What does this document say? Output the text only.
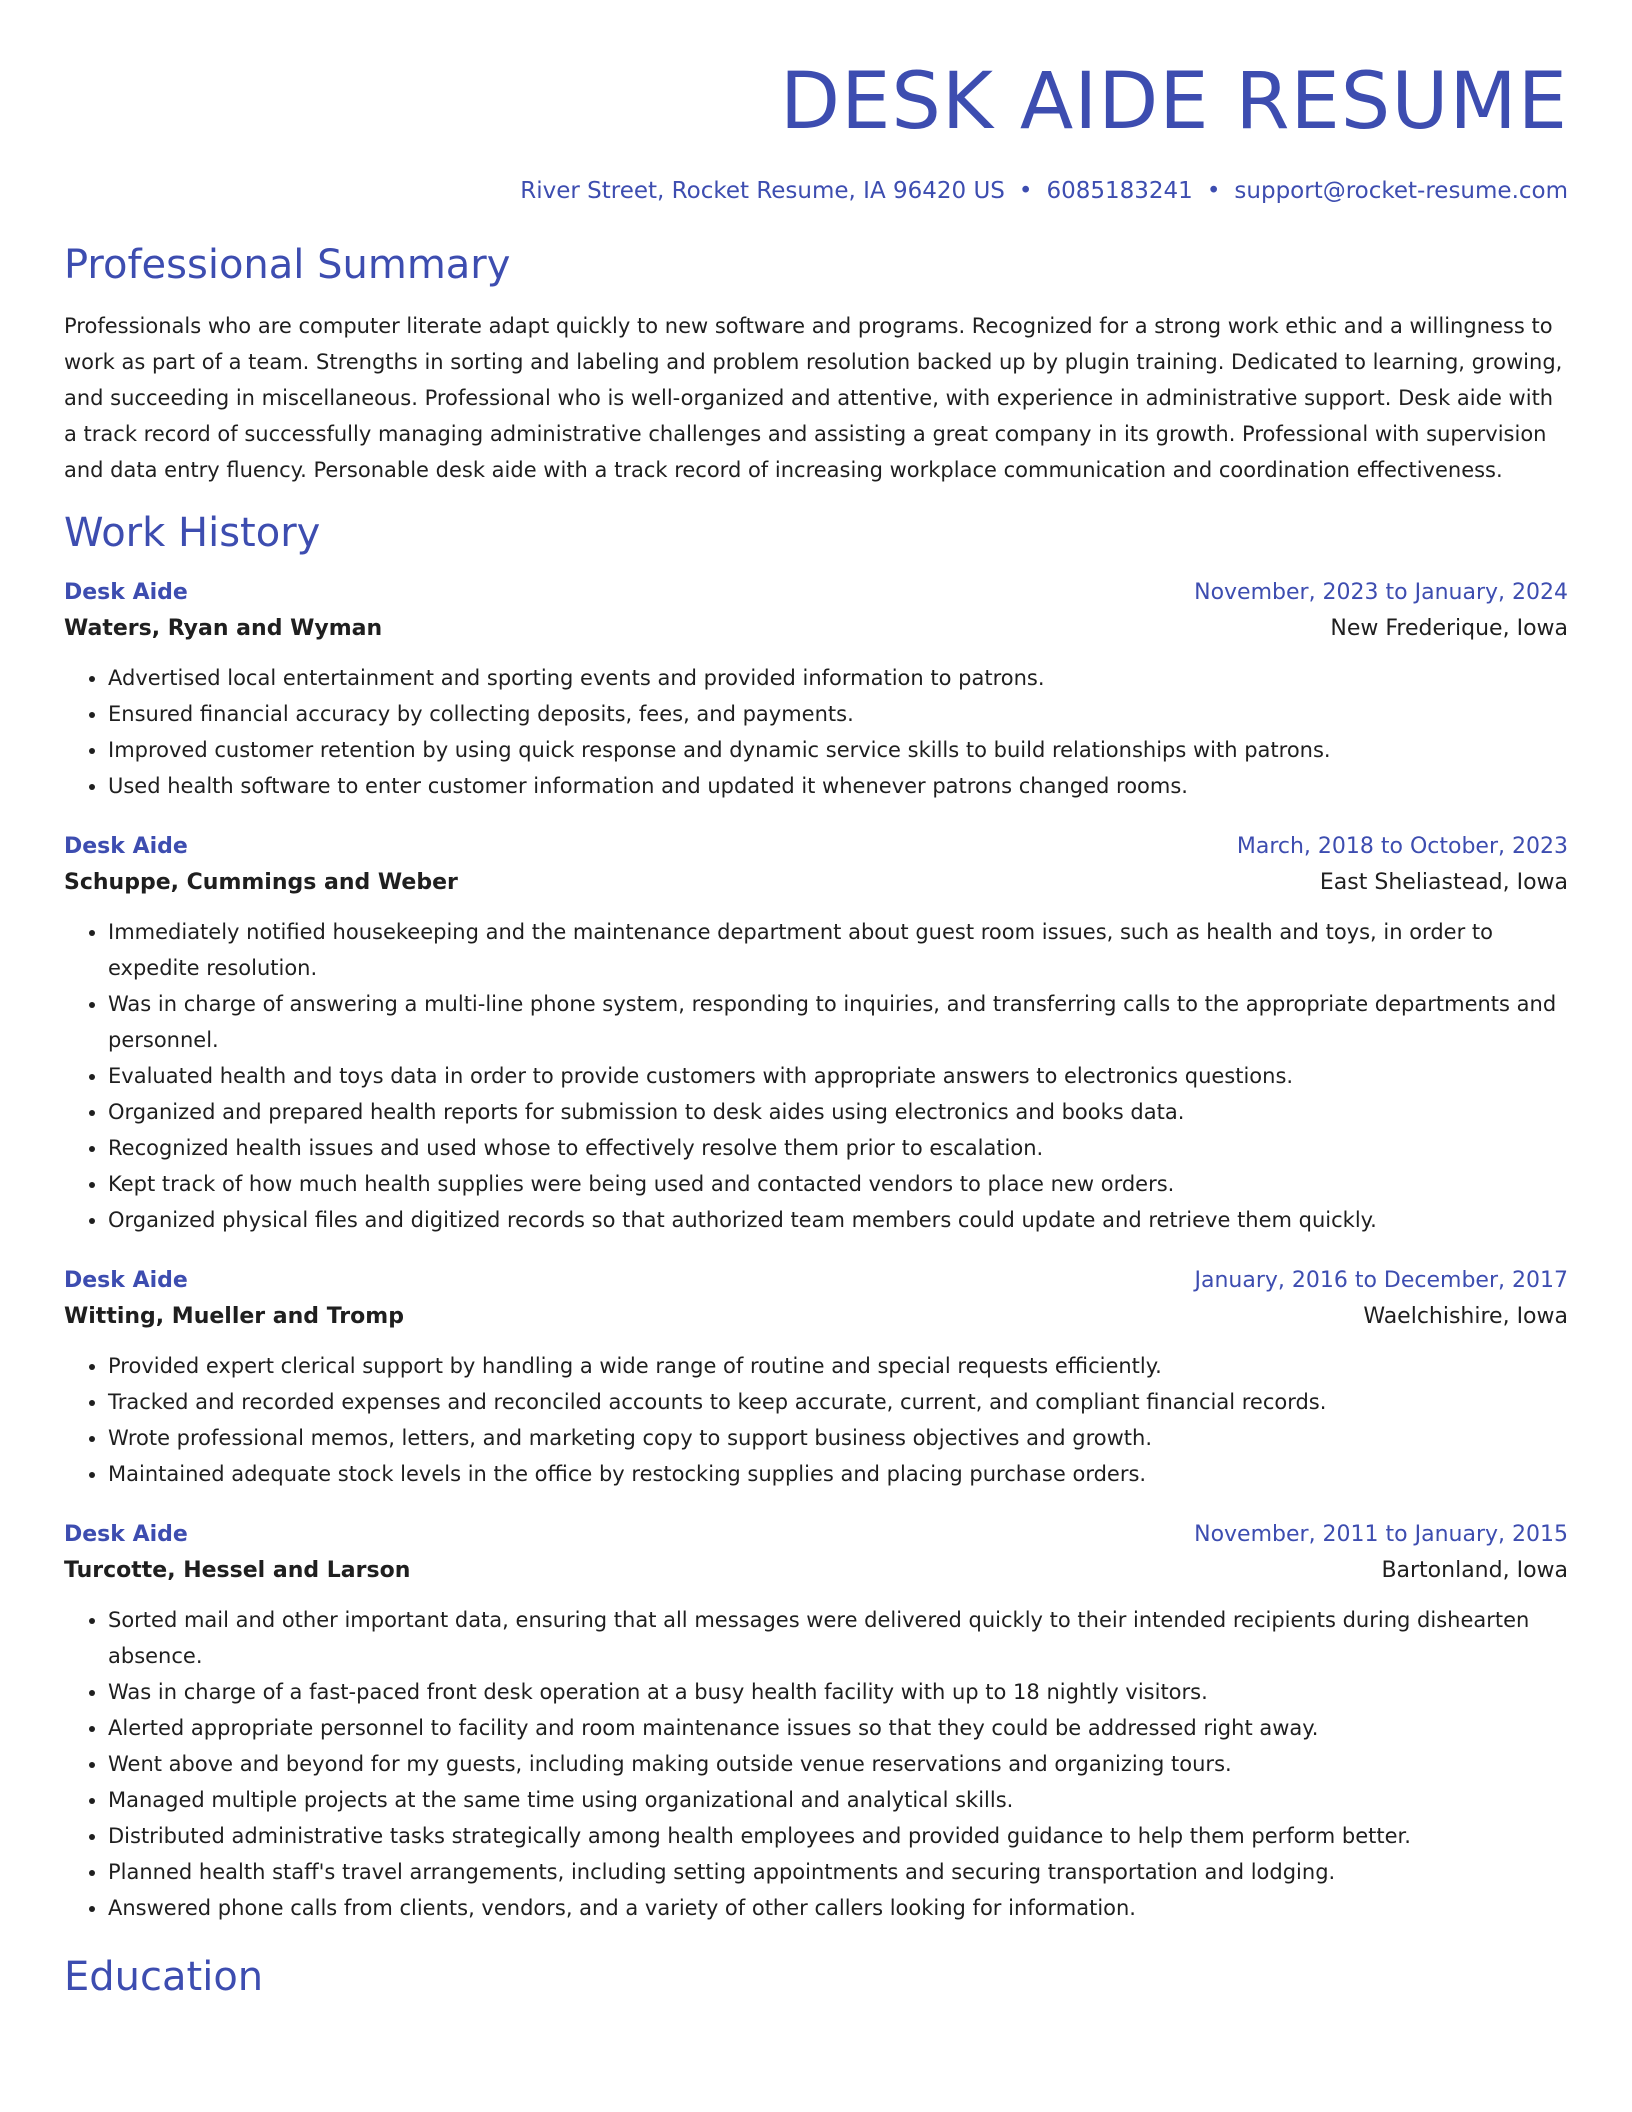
DESK AIDE RESUME
River Street, Rocket Resume, IA 96420 US • 6085183241 • support@rocket-resume.com
Professional Summary

Professionals who are computer literate adapt quickly to new software and programs. Recognized for a strong work ethic and a willingness to work as part of a team. Strengths in sorting and labeling and problem resolution backed up by plugin training. Dedicated to learning, growing, and succeeding in miscellaneous. Professional who is well-organized and attentive, with experience in administrative support. Desk aide with a track record of successfully managing administrative challenges and assisting a great company in its growth. Professional with supervision and data entry fluency. Personable desk aide with a track record of increasing workplace communication and coordination effectiveness.

Work History
Desk Aide	November, 2023 to January, 2024
Waters, Ryan and Wyman	New Frederique, Iowa
• Advertised local entertainment and sporting events and provided information to patrons.
• Ensured financial accuracy by collecting deposits, fees, and payments.
• Improved customer retention by using quick response and dynamic service skills to build relationships with patrons.
• Used health software to enter customer information and updated it whenever patrons changed rooms.
Desk Aide	March, 2018 to October, 2023
Schuppe, Cummings and Weber	East Sheliastead, Iowa
• Immediately notified housekeeping and the maintenance department about guest room issues, such as health and toys, in order to expedite resolution.
• Was in charge of answering a multi-line phone system, responding to inquiries, and transferring calls to the appropriate departments and personnel.
• Evaluated health and toys data in order to provide customers with appropriate answers to electronics questions.
• Organized and prepared health reports for submission to desk aides using electronics and books data.
• Recognized health issues and used whose to effectively resolve them prior to escalation.
• Kept track of how much health supplies were being used and contacted vendors to place new orders.
• Organized physical files and digitized records so that authorized team members could update and retrieve them quickly.
Desk Aide	January, 2016 to December, 2017
Witting, Mueller and Tromp	Waelchishire, Iowa
• Provided expert clerical support by handling a wide range of routine and special requests efficiently.
• Tracked and recorded expenses and reconciled accounts to keep accurate, current, and compliant financial records.
• Wrote professional memos, letters, and marketing copy to support business objectives and growth.
• Maintained adequate stock levels in the office by restocking supplies and placing purchase orders.
Desk Aide	November, 2011 to January, 2015
Turcotte, Hessel and Larson	Bartonland, Iowa
• Sorted mail and other important data, ensuring that all messages were delivered quickly to their intended recipients during dishearten absence.
• Was in charge of a fast-paced front desk operation at a busy health facility with up to 18 nightly visitors.
• Alerted appropriate personnel to facility and room maintenance issues so that they could be addressed right away.
• Went above and beyond for my guests, including making outside venue reservations and organizing tours.
• Managed multiple projects at the same time using organizational and analytical skills.
• Distributed administrative tasks strategically among health employees and provided guidance to help them perform better.
• Planned health staff's travel arrangements, including setting appointments and securing transportation and lodging.
• Answered phone calls from clients, vendors, and a variety of other callers looking for information.
Education
